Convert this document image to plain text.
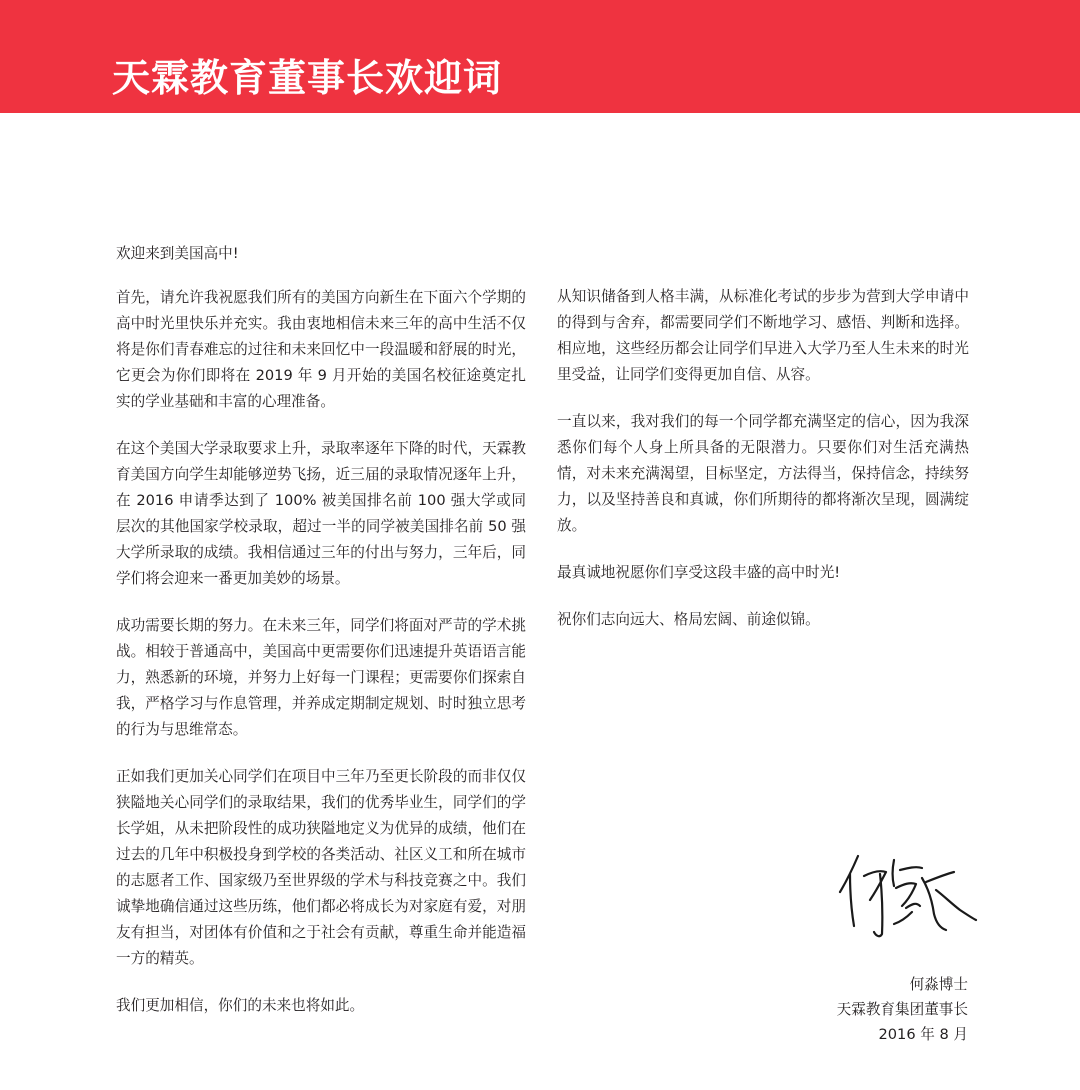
天霖教育董事长欢迎词

欢迎来到美国高中!

首先，请允许我祝愿我们所有的美国方向新生在下面六个学期的高中时光里快乐并充实。我由衷地相信未来三年的高中生活不仅将是你们青春难忘的过往和未来回忆中一段温暖和舒展的时光，它更会为你们即将在 2019 年 9 月开始的美国名校征途奠定扎实的学业基础和丰富的心理准备。

在这个美国大学录取要求上升，录取率逐年下降的时代，天霖教育美国方向学生却能够逆势飞扬，近三届的录取情况逐年上升，在 2016 申请季达到了 100% 被美国排名前 100 强大学或同层次的其他国家学校录取，超过一半的同学被美国排名前 50 强大学所录取的成绩。我相信通过三年的付出与努力，三年后，同学们将会迎来一番更加美妙的场景。

成功需要长期的努力。在未来三年，同学们将面对严苛的学术挑战。相较于普通高中，美国高中更需要你们迅速提升英语语言能力，熟悉新的环境，并努力上好每一门课程；更需要你们探索自我，严格学习与作息管理，并养成定期制定规划、时时独立思考的行为与思维常态。

正如我们更加关心同学们在项目中三年乃至更长阶段的而非仅仅狭隘地关心同学们的录取结果，我们的优秀毕业生，同学们的学长学姐，从未把阶段性的成功狭隘地定义为优异的成绩，他们在过去的几年中积极投身到学校的各类活动、社区义工和所在城市的志愿者工作、国家级乃至世界级的学术与科技竞赛之中。我们诚挚地确信通过这些历练，他们都必将成长为对家庭有爱，对朋友有担当，对团体有价值和之于社会有贡献，尊重生命并能造福一方的精英。

我们更加相信，你们的未来也将如此。

从知识储备到人格丰满，从标准化考试的步步为营到大学申请中的得到与舍弃，都需要同学们不断地学习、感悟、判断和选择。相应地，这些经历都会让同学们早进入大学乃至人生未来的时光里受益，让同学们变得更加自信、从容。

一直以来，我对我们的每一个同学都充满坚定的信心，因为我深悉你们每个人身上所具备的无限潜力。只要你们对生活充满热情，对未来充满渴望，目标坚定，方法得当，保持信念，持续努力，以及坚持善良和真诚，你们所期待的都将渐次呈现，圆满绽放。

最真诚地祝愿你们享受这段丰盛的高中时光!

祝你们志向远大、格局宏阔、前途似锦。

何淼博士
天霖教育集团董事长
2016 年 8 月
